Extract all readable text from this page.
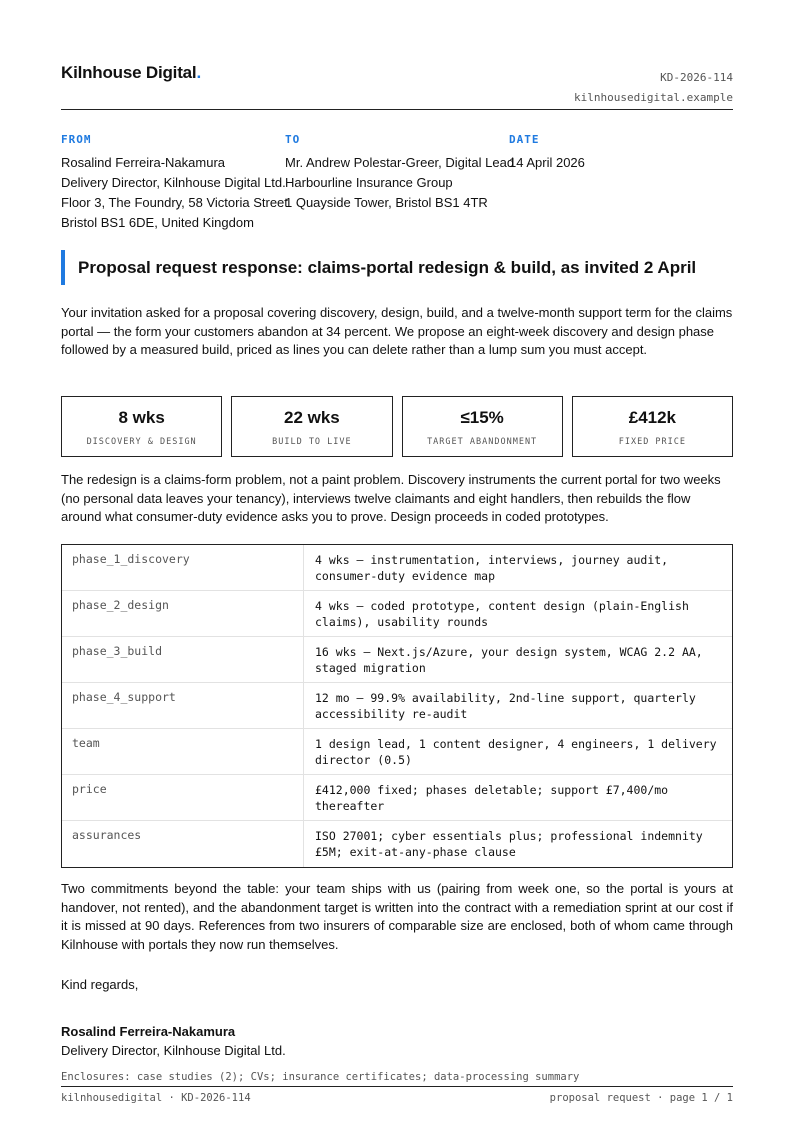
Kilnhouse Digital.	KD-2026-114
kilnhousedigital.example
FROM
Rosalind Ferreira-Nakamura
Delivery Director, Kilnhouse Digital Ltd.
Floor 3, The Foundry, 58 Victoria Street
Bristol BS1 6DE, United Kingdom
TO
Mr. Andrew Polestar-Greer, Digital Lead
Harbourline Insurance Group
1 Quayside Tower, Bristol BS1 4TR
DATE
14 April 2026
Proposal request response: claims-portal redesign & build, as invited 2 April

Your invitation asked for a proposal covering discovery, design, build, and a twelve-month support term for the claims portal — the form your customers abandon at 34 percent. We propose an eight-week discovery and design phase followed by a measured build, priced as lines you can delete rather than a lump sum you must accept.

8 wks
DISCOVERY & DESIGN
22 wks
BUILD TO LIVE
≤15%
TARGET ABANDONMENT
£412k
FIXED PRICE

The redesign is a claims-form problem, not a paint problem. Discovery instruments the current portal for two weeks (no personal data leaves your tenancy), interviews twelve claimants and eight handlers, then rebuilds the flow around what consumer-duty evidence asks you to prove. Design proceeds in coded prototypes.

phase_1_discovery	4 wks — instrumentation, interviews, journey audit, consumer-duty evidence map
phase_2_design	4 wks — coded prototype, content design (plain-English claims), usability rounds
phase_3_build	16 wks — Next.js/Azure, your design system, WCAG 2.2 AA, staged migration
phase_4_support	12 mo — 99.9% availability, 2nd-line support, quarterly accessibility re-audit
team	1 design lead, 1 content designer, 4 engineers, 1 delivery director (0.5)
price	£412,000 fixed; phases deletable; support £7,400/mo thereafter
assurances	ISO 27001; cyber essentials plus; professional indemnity £5M; exit-at-any-phase clause

Two commitments beyond the table: your team ships with us (pairing from week one, so the portal is yours at handover, not rented), and the abandonment target is written into the contract with a remediation sprint at our cost if it is missed at 90 days. References from two insurers of comparable size are enclosed, both of whom came through Kilnhouse with portals they now run themselves.

Kind regards,

Rosalind Ferreira-Nakamura
Delivery Director, Kilnhouse Digital Ltd.
Enclosures: case studies (2); CVs; insurance certificates; data-processing summary
kilnhousedigital · KD-2026-114	proposal request · page 1 / 1
